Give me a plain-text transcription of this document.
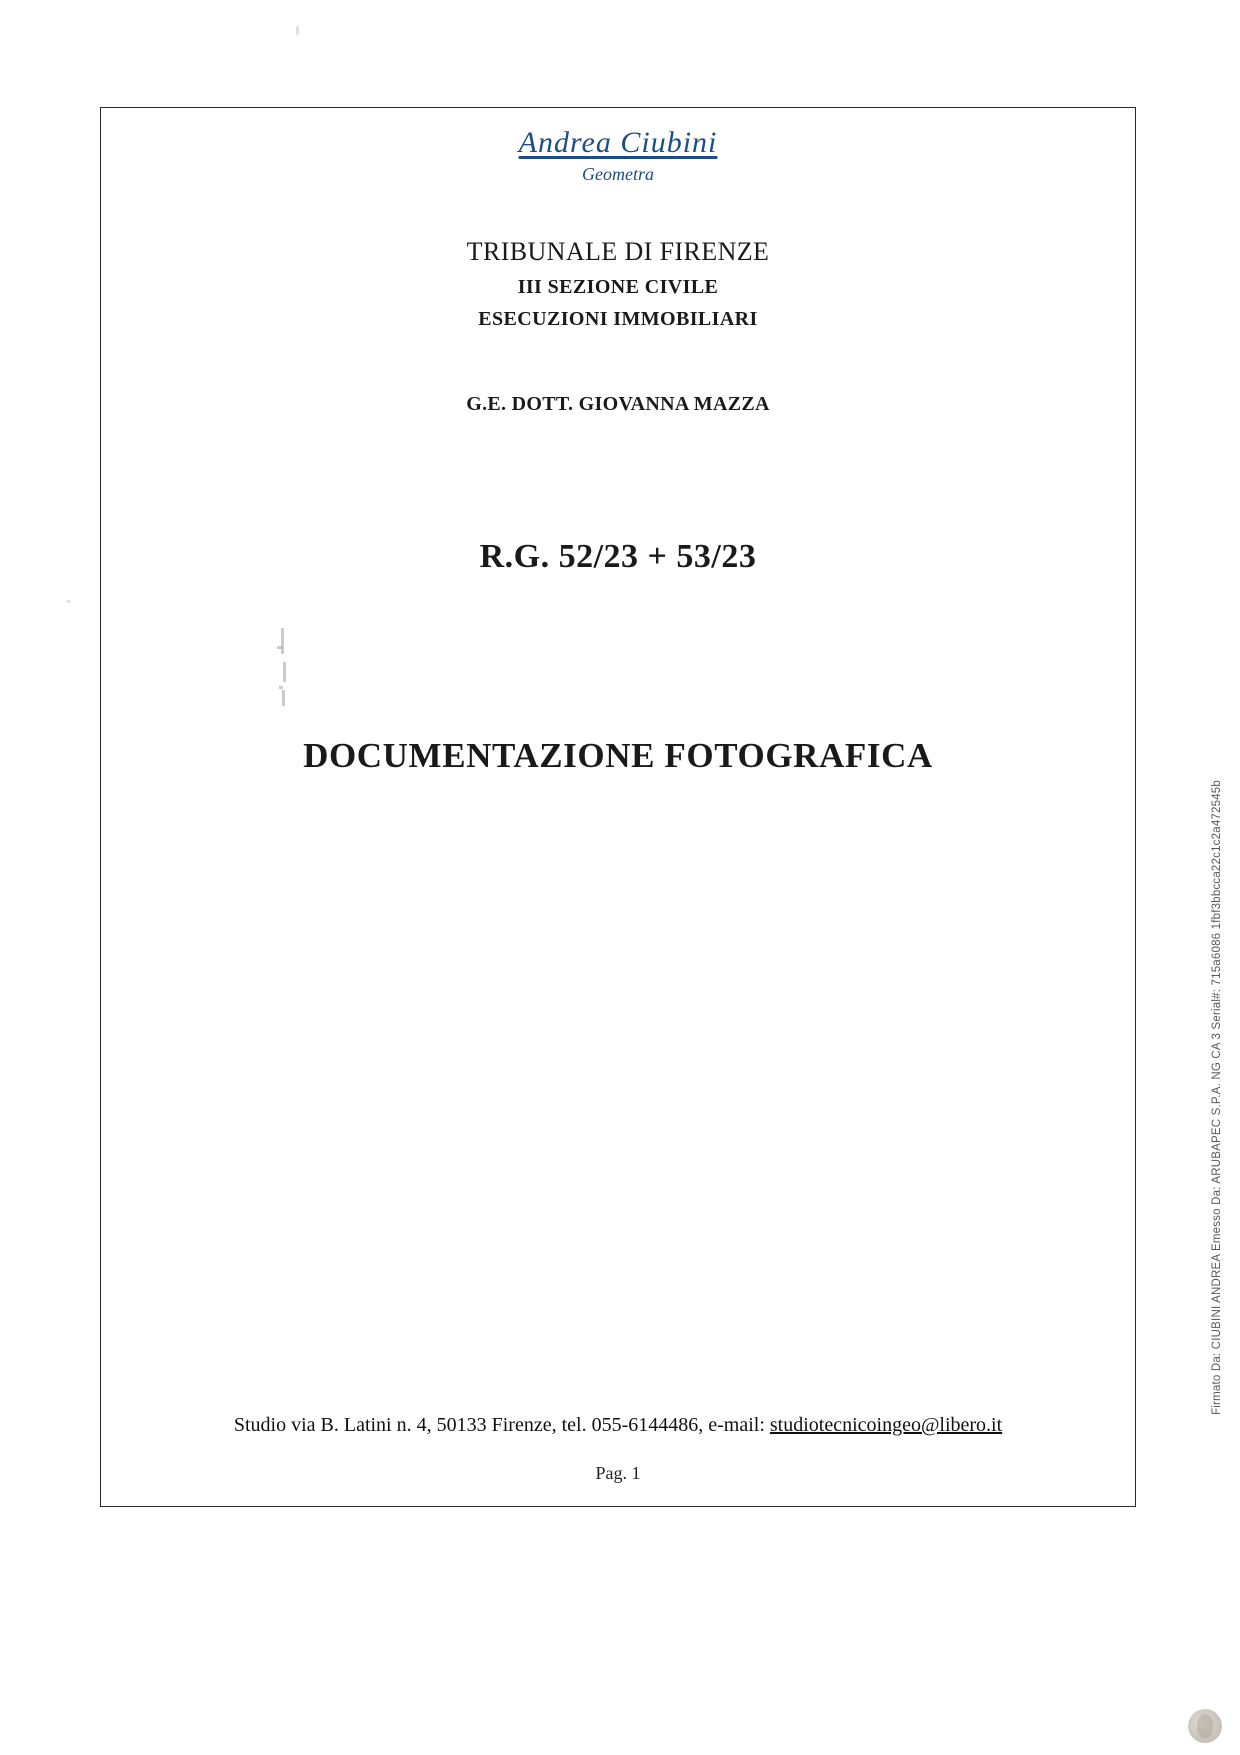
Andrea Ciubini
Geometra
TRIBUNALE DI FIRENZE
III SEZIONE CIVILE
ESECUZIONI IMMOBILIARI
G.E. DOTT. GIOVANNA MAZZA
R.G. 52/23 + 53/23
DOCUMENTAZIONE FOTOGRAFICA
Studio via B. Latini n. 4, 50133 Firenze, tel. 055-6144486, e-mail: studiotecnicoingeo@libero.it
Pag. 1
Firmato Da: CIUBINI ANDREA Emesso Da: ARUBAPEC S.P.A. NG CA 3 Serial#: 715a6086 1fbf3bbcca22c1c2a472545b
